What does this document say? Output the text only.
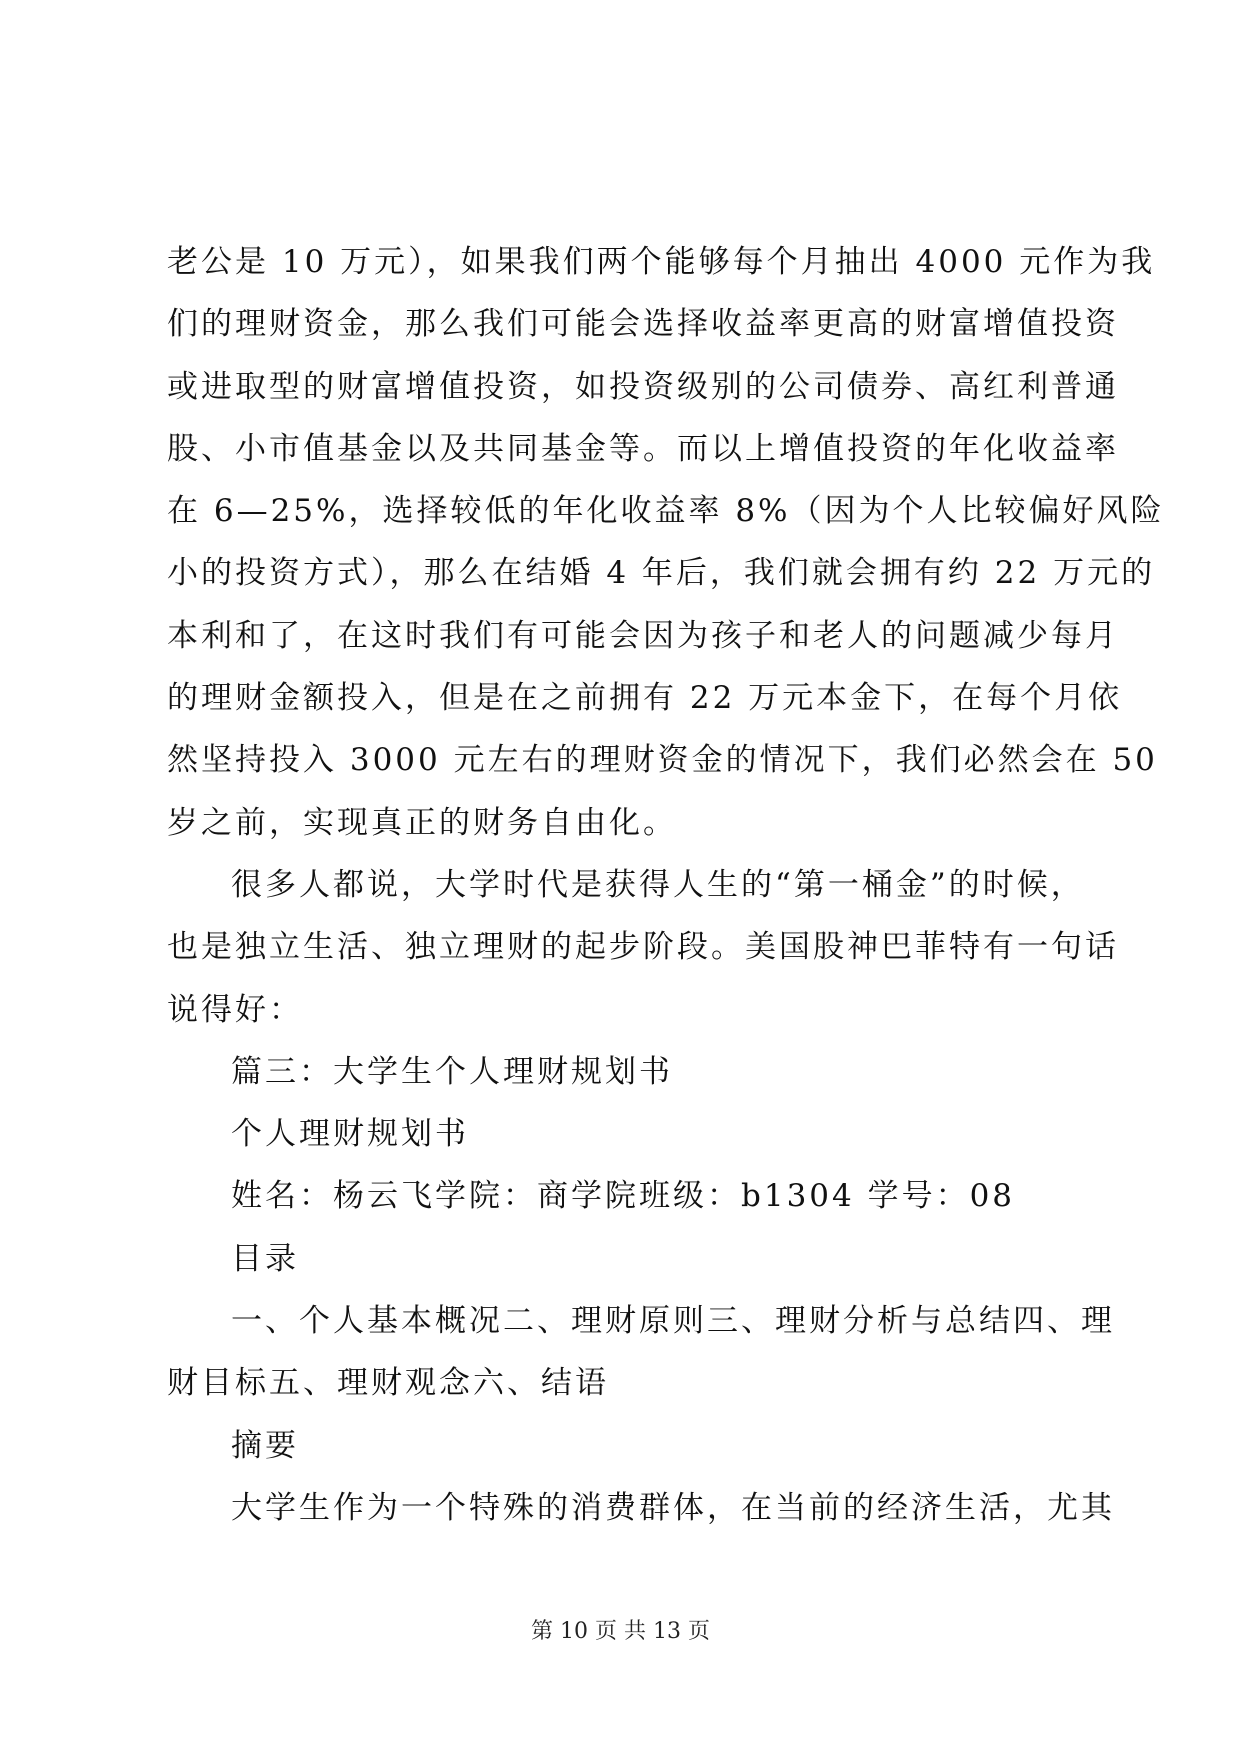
老公是 10 万元），如果我们两个能够每个月抽出 4000 元作为我
们的理财资金，那么我们可能会选择收益率更高的财富增值投资
或进取型的财富增值投资，如投资级别的公司债券、高红利普通
股、小市值基金以及共同基金等。而以上增值投资的年化收益率
在 6—25%，选择较低的年化收益率 8%（因为个人比较偏好风险
小的投资方式），那么在结婚 4 年后，我们就会拥有约 22 万元的
本利和了，在这时我们有可能会因为孩子和老人的问题减少每月
的理财金额投入，但是在之前拥有 22 万元本金下，在每个月依
然坚持投入 3000 元左右的理财资金的情况下，我们必然会在 50
岁之前，实现真正的财务自由化。
很多人都说，大学时代是获得人生的“第一桶金”的时候，
也是独立生活、独立理财的起步阶段。美国股神巴菲特有一句话
说得好：
篇三：大学生个人理财规划书
个人理财规划书
姓名：杨云飞学院：商学院班级：b1304 学号：08
目录
一、个人基本概况二、理财原则三、理财分析与总结四、理
财目标五、理财观念六、结语
摘要
大学生作为一个特殊的消费群体，在当前的经济生活，尤其
第 10 页 共 13 页
